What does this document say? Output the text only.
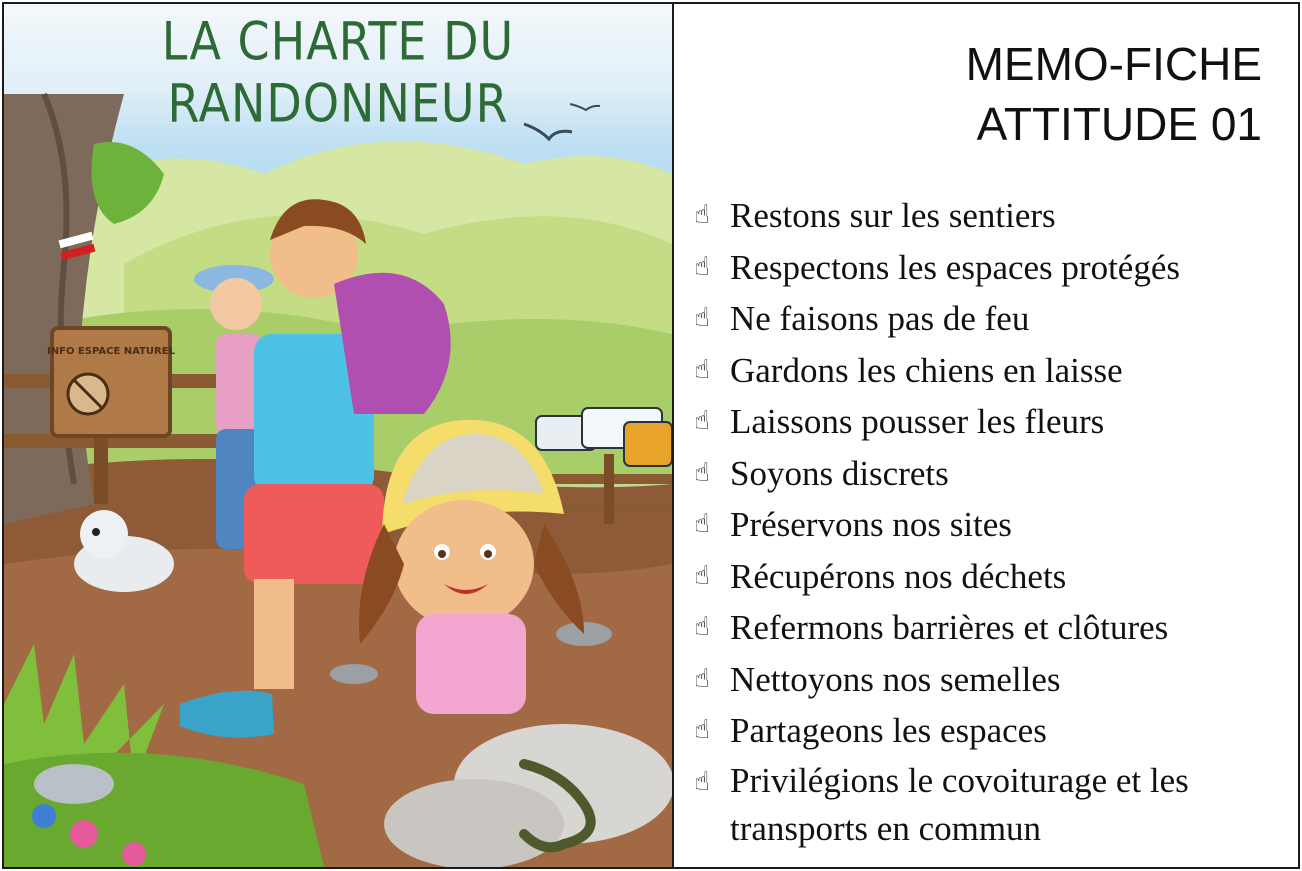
INFO ESPACE NATUREL
LA CHARTE DU RANDONNEUR
MEMO-FICHE
ATTITUDE 01
☝ Restons sur les sentiers
☝ Respectons les espaces protégés
☝ Ne faisons pas de feu
☝ Gardons les chiens en laisse
☝ Laissons pousser les fleurs
☝ Soyons discrets
☝ Préservons nos sites
☝ Récupérons nos déchets
☝ Refermons barrières et clôtures
☝ Nettoyons nos semelles
☝ Partageons les espaces
☝ Privilégions le covoiturage et les transports en commun
